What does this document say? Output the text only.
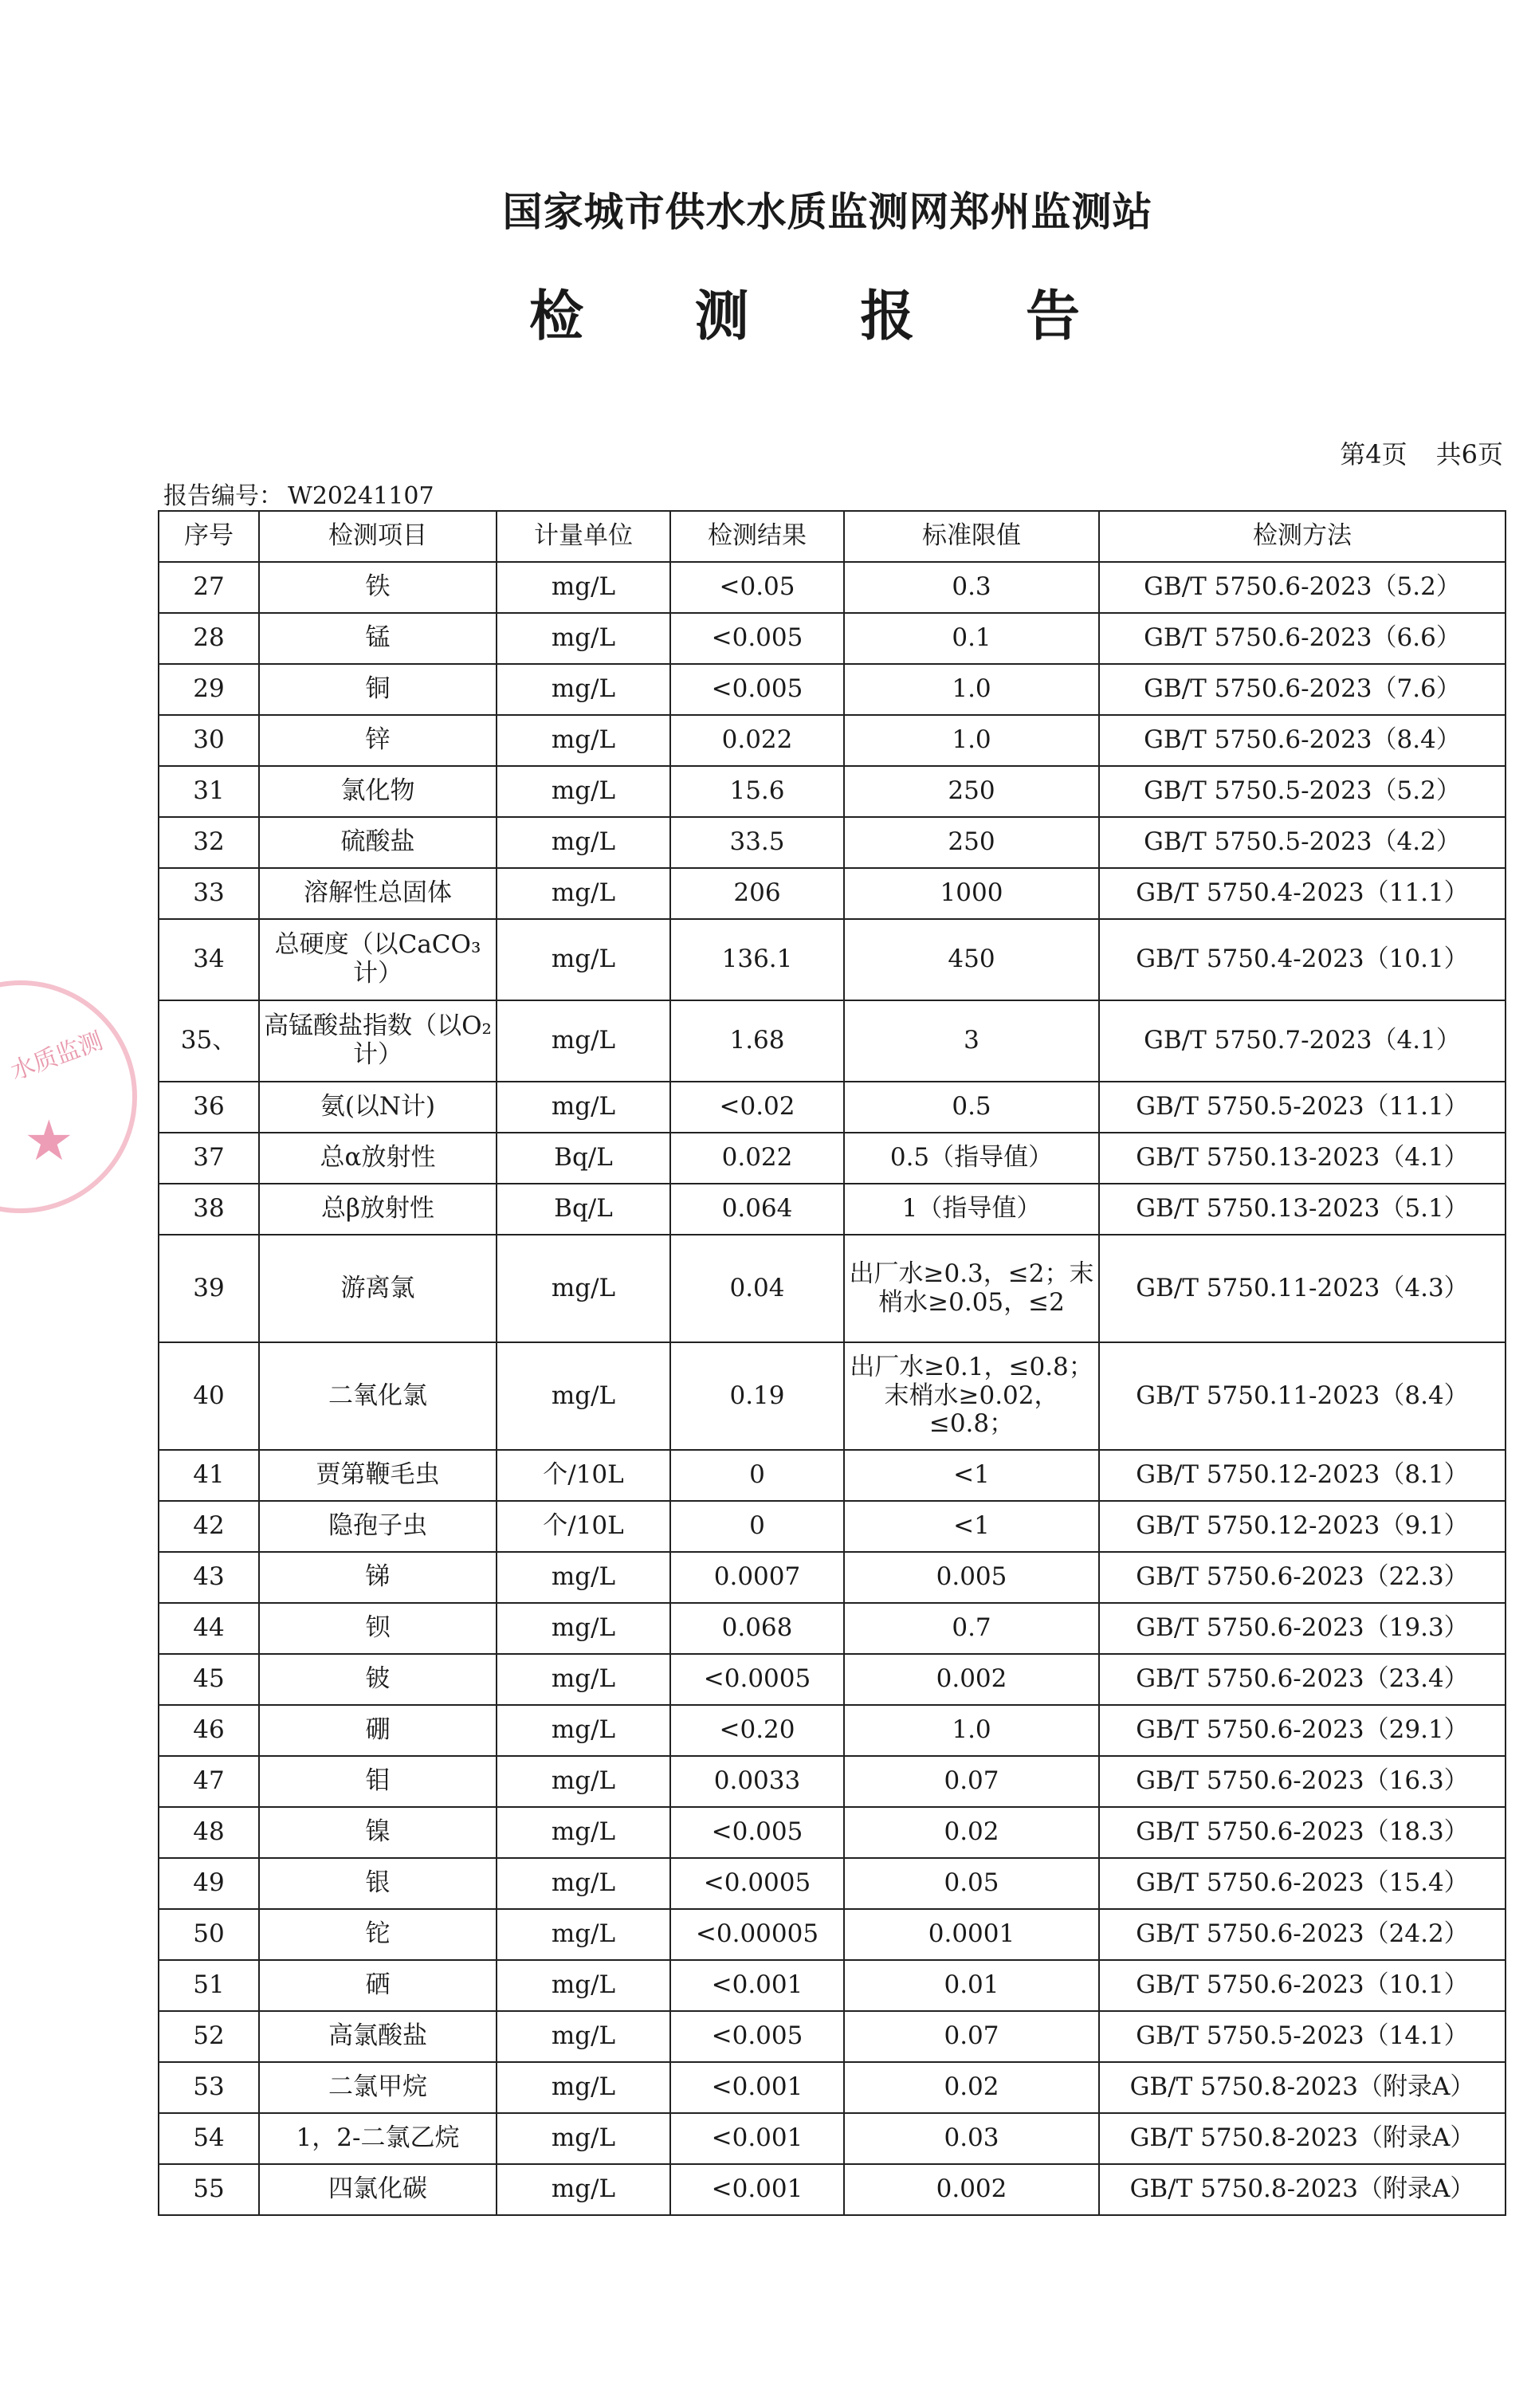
国家城市供水水质监测网郑州监测站
检 测 报 告
第4页 共6页
报告编号： W20241107
水质监测
★
序号	检测项目	计量单位	检测结果	标准限值	检测方法
27	铁	mg/L	<0.05	0.3	GB/T 5750.6-2023（5.2）
28	锰	mg/L	<0.005	0.1	GB/T 5750.6-2023（6.6）
29	铜	mg/L	<0.005	1.0	GB/T 5750.6-2023（7.6）
30	锌	mg/L	0.022	1.0	GB/T 5750.6-2023（8.4）
31	氯化物	mg/L	15.6	250	GB/T 5750.5-2023（5.2）
32	硫酸盐	mg/L	33.5	250	GB/T 5750.5-2023（4.2）
33	溶解性总固体	mg/L	206	1000	GB/T 5750.4-2023（11.1）
34	总硬度（以CaCO₃计）	mg/L	136.1	450	GB/T 5750.4-2023（10.1）
35、	高锰酸盐指数（以O₂计）	mg/L	1.68	3	GB/T 5750.7-2023（4.1）
36	氨(以N计)	mg/L	<0.02	0.5	GB/T 5750.5-2023（11.1）
37	总α放射性	Bq/L	0.022	0.5（指导值）	GB/T 5750.13-2023（4.1）
38	总β放射性	Bq/L	0.064	1（指导值）	GB/T 5750.13-2023（5.1）
39	游离氯	mg/L	0.04	出厂水≥0.3，≤2；末梢水≥0.05，≤2	GB/T 5750.11-2023（4.3）
40	二氧化氯	mg/L	0.19	出厂水≥0.1，≤0.8；末梢水≥0.02，≤0.8；	GB/T 5750.11-2023（8.4）
41	贾第鞭毛虫	个/10L	0	<1	GB/T 5750.12-2023（8.1）
42	隐孢子虫	个/10L	0	<1	GB/T 5750.12-2023（9.1）
43	锑	mg/L	0.0007	0.005	GB/T 5750.6-2023（22.3）
44	钡	mg/L	0.068	0.7	GB/T 5750.6-2023（19.3）
45	铍	mg/L	<0.0005	0.002	GB/T 5750.6-2023（23.4）
46	硼	mg/L	<0.20	1.0	GB/T 5750.6-2023（29.1）
47	钼	mg/L	0.0033	0.07	GB/T 5750.6-2023（16.3）
48	镍	mg/L	<0.005	0.02	GB/T 5750.6-2023（18.3）
49	银	mg/L	<0.0005	0.05	GB/T 5750.6-2023（15.4）
50	铊	mg/L	<0.00005	0.0001	GB/T 5750.6-2023（24.2）
51	硒	mg/L	<0.001	0.01	GB/T 5750.6-2023（10.1）
52	高氯酸盐	mg/L	<0.005	0.07	GB/T 5750.5-2023（14.1）
53	二氯甲烷	mg/L	<0.001	0.02	GB/T 5750.8-2023（附录A）
54	1，2-二氯乙烷	mg/L	<0.001	0.03	GB/T 5750.8-2023（附录A）
55	四氯化碳	mg/L	<0.001	0.002	GB/T 5750.8-2023（附录A）
